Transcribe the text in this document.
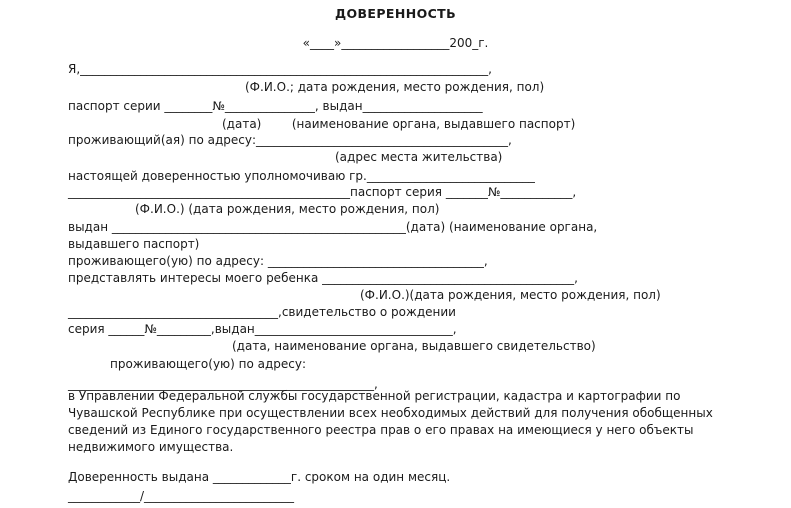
ДОВЕРЕННОСТЬ
«____»__________________200_г.
Я,____________________________________________________________________,
(Ф.И.О.; дата рождения, место рождения, пол)
паспорт серии ________№_______________, выдан____________________
(дата)        (наименование органа, выдавшего паспорт)
проживающий(ая) по адресу:__________________________________________,
(адрес места жительства)
настоящей доверенностью уполномочиваю гр.____________________________
_______________________________________________паспорт серия _______№____________,
(Ф.И.О.) (дата рождения, место рождения, пол)
выдан _________________________________________________(дата) (наименование органа,
выдавшего паспорт)
проживающего(ую) по адресу: ____________________________________,
представлять интересы моего ребенка __________________________________________,
(Ф.И.О.)(дата рождения, место рождения, пол)
___________________________________,свидетельство о рождении
серия ______№_________,выдан_________________________________,
(дата, наименование органа, выдавшего свидетельство)
проживающего(ую) по адресу:
___________________________________________________,
в Управлении Федеральной службы государственной регистрации, кадастра и картографии по
Чувашской Республике при осуществлении всех необходимых действий для получения обобщенных
сведений из Единого государственного реестра прав о его правах на имеющиеся у него объекты
недвижимого имущества.
Доверенность выдана _____________г. сроком на один месяц.
____________/_________________________
